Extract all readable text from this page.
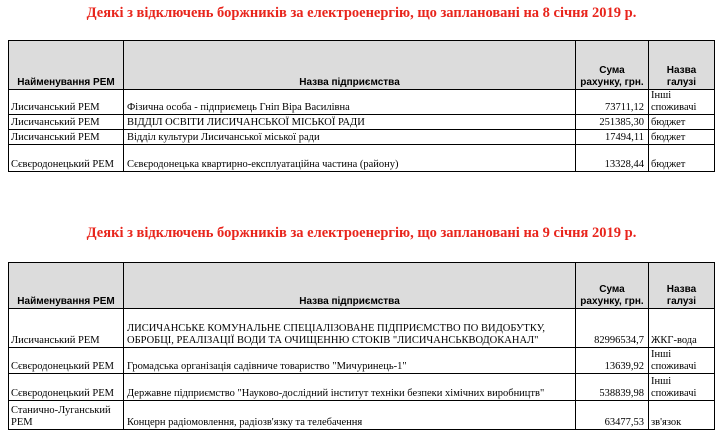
Деякі з відключень боржників за електроенергію, що заплановані на 8 січня 2019 р.
Найменування РЕМ	Назва підприємства	Сума рахунку, грн.	Назва галузі
Лисичанський РЕМ	Фізична особа - підприємець Гніп Віра Василівна	73711,12	Інші споживачі
Лисичанський РЕМ	ВІДДІЛ ОСВІТИ ЛИСИЧАНСЬКОЇ МІСЬКОЇ РАДИ	251385,30	бюджет
Лисичанський РЕМ	Відділ культури Лисичанської міської ради	17494,11	бюджет
Сєвєродонецький РЕМ	Сєвєродонецька квартирно-експлуатаційна частина (району)	13328,44	бюджет
Деякі з відключень боржників за електроенергію, що заплановані на 9 січня 2019 р.
Найменування РЕМ	Назва підприємства	Сума рахунку, грн.	Назва галузі
Лисичанський РЕМ	ЛИСИЧАНСЬКЕ КОМУНАЛЬНЕ СПЕЦІАЛІЗОВАНЕ ПІДПРИЄМСТВО ПО ВИДОБУТКУ, ОБРОБЦІ, РЕАЛІЗАЦІЇ ВОДИ ТА ОЧИЩЕННЮ СТОКІВ "ЛИСИЧАНСЬКВОДОКАНАЛ"	82996534,7	ЖКГ-вода
Сєвєродонецький РЕМ	Громадська організація садівниче товариство "Мичуринець-1"	13639,92	Інші споживачі
Сєвєродонецький РЕМ	Державне підприємство "Науково-дослідний інститут техніки безпеки хімічних виробництв"	538839,98	Інші споживачі
Станично-Луганський РЕМ	Концерн радіомовлення, радіозв'язку та телебачення	63477,53	зв'язок
